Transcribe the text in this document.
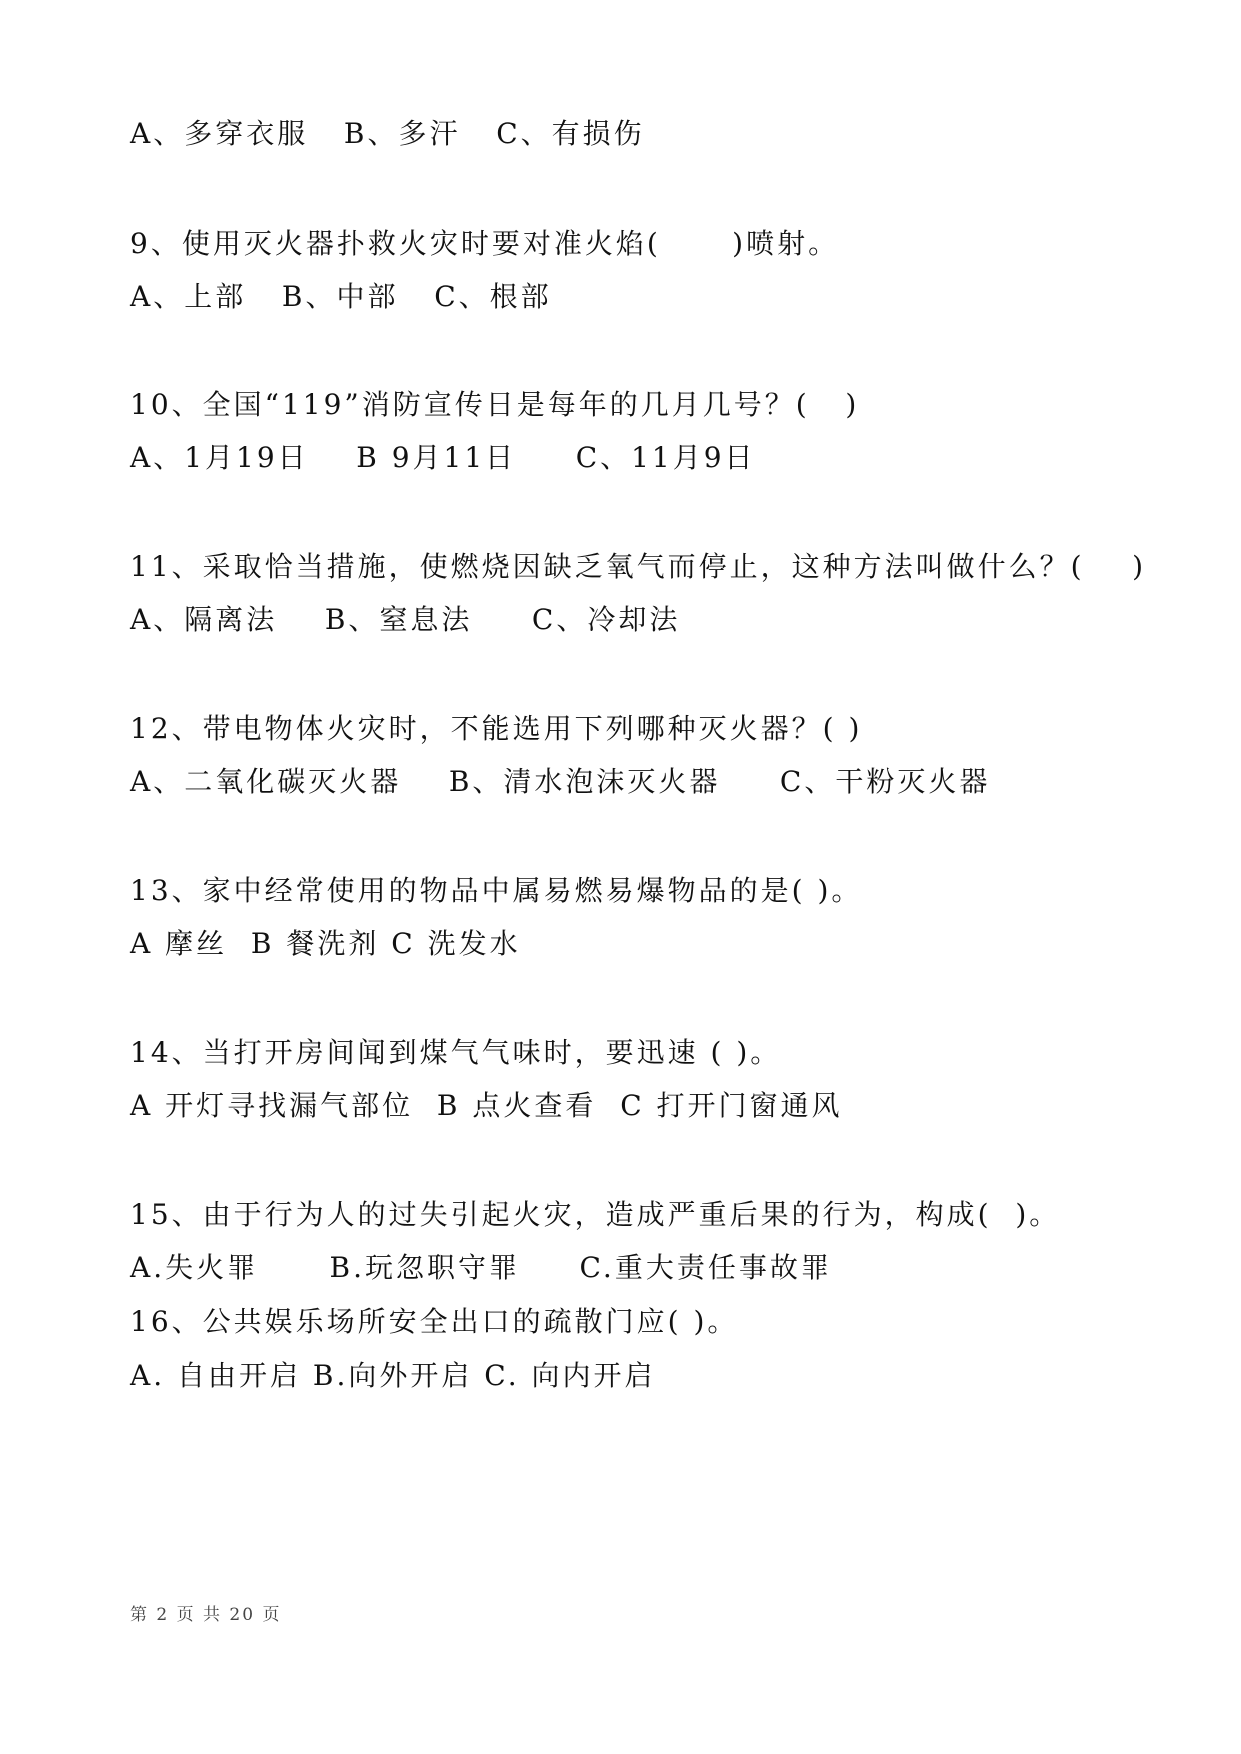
A、多穿衣服   B、多汗   C、有损伤
9、使用灭火器扑救火灾时要对准火焰(      )喷射。
A、上部   B、中部   C、根部
10、全国“119”消防宣传日是每年的几月几号？(   )
A、1月19日    B 9月11日     C、11月9日
11、采取恰当措施，使燃烧因缺乏氧气而停止，这种方法叫做什么？(    )
A、隔离法    B、窒息法     C、冷却法
12、带电物体火灾时，不能选用下列哪种灭火器？( )
A、二氧化碳灭火器    B、清水泡沫灭火器     C、干粉灭火器
13、家中经常使用的物品中属易燃易爆物品的是( )。
A 摩丝  B 餐洗剂 C 洗发水
14、当打开房间闻到煤气气味时，要迅速 ( )。
A 开灯寻找漏气部位  B 点火查看  C 打开门窗通风
15、由于行为人的过失引起火灾，造成严重后果的行为，构成(  )。
A.失火罪      B.玩忽职守罪     C.重大责任事故罪
16、公共娱乐场所安全出口的疏散门应( )。
A. 自由开启 B.向外开启 C. 向内开启
第 2 页 共 20 页
